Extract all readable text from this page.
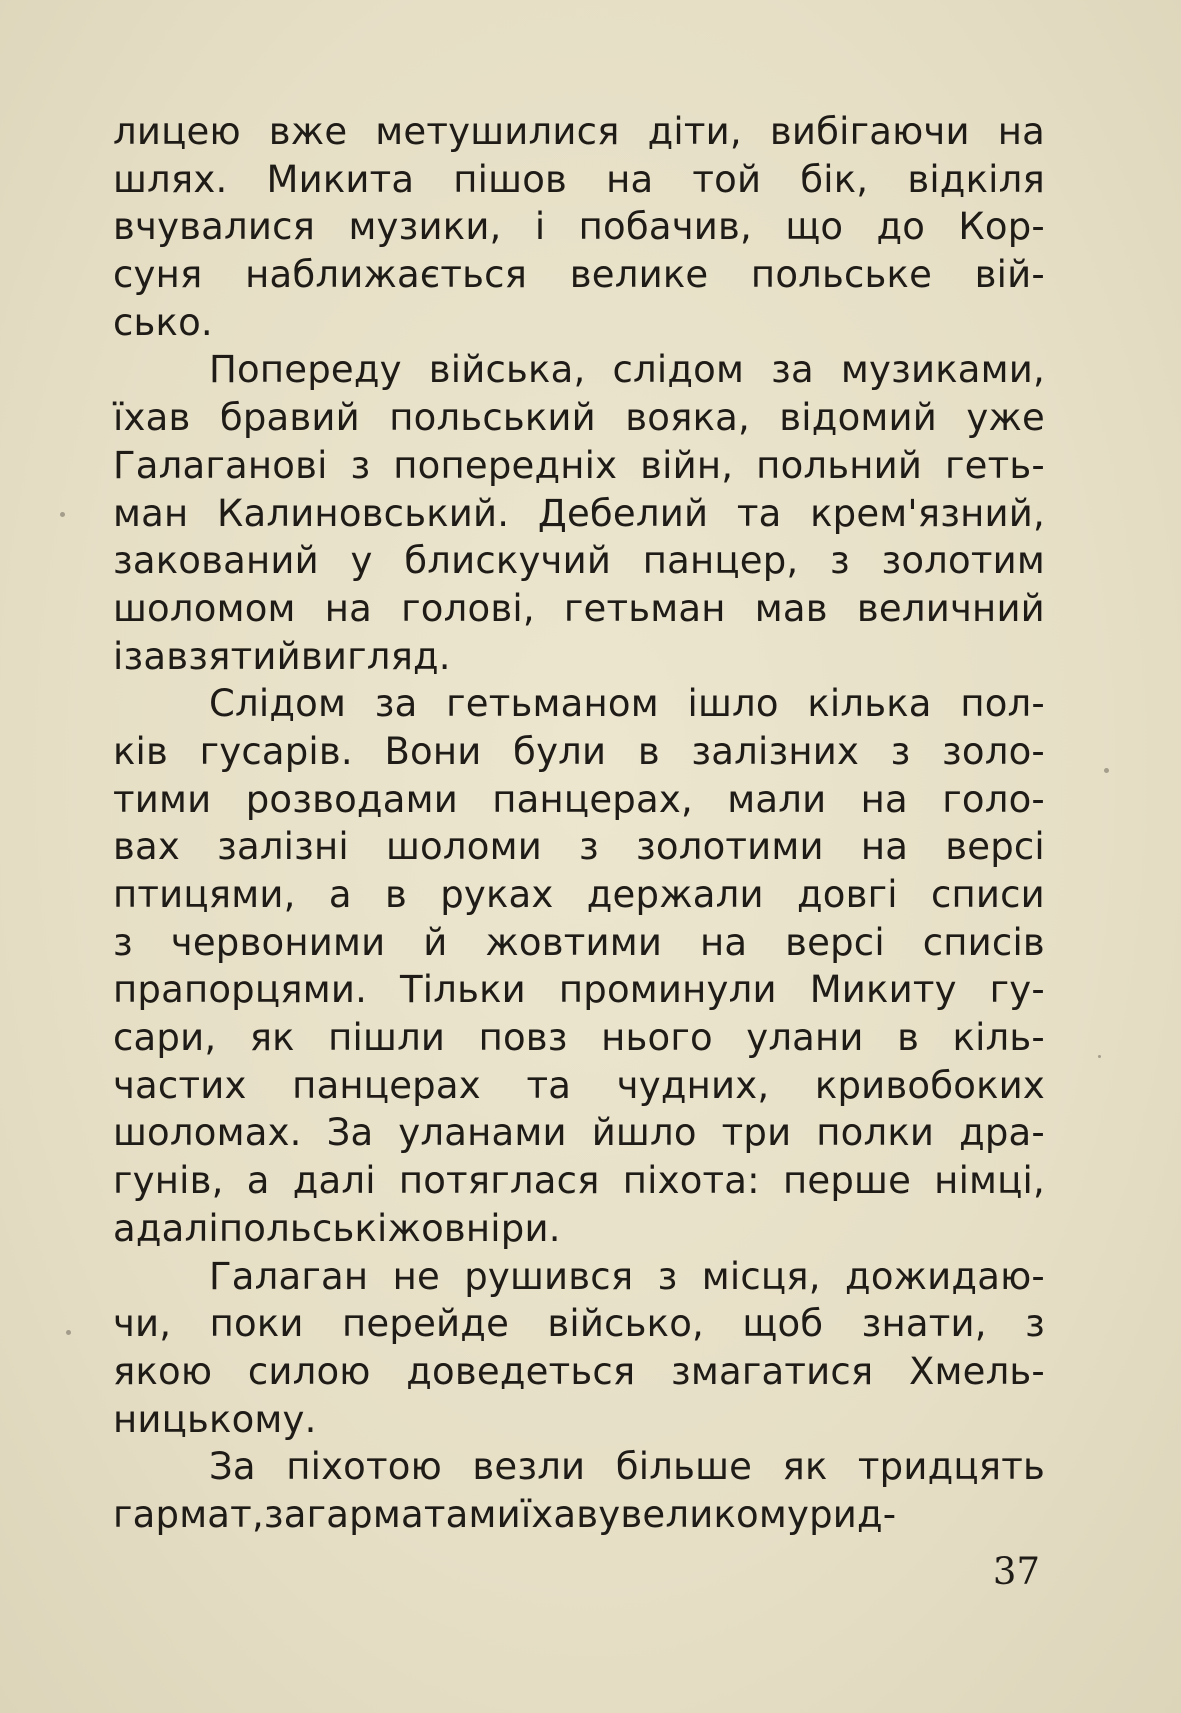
лицею вже метушилися діти, вибігаючи на
шлях. Микита пішов на той бік, відкіля
вчувалися музики, і побачив, що до Кор-
суня наближається велике польське вій-
сько.
Попереду війська, слідом за музиками,
їхав бравий польський вояка, відомий уже
Галаганові з попередніх війн, польний геть-
ман Калиновський. Дебелий та крем'язний,
закований у блискучий панцер, з золотим
шоломом на голові, гетьман мав величний
і завзятий вигляд.
Слідом за гетьманом ішло кілька пол-
ків гусарів. Вони були в залізних з золо-
тими розводами панцерах, мали на голо-
вах залізні шоломи з золотими на версі
птицями, а в руках держали довгі списи
з червоними й жовтими на версі списів
прапорцями. Тільки проминули Микиту гу-
сари, як пішли повз нього улани в кіль-
частих панцерах та чудних, кривобоких
шоломах. За уланами йшло три полки дра-
гунів, а далі потяглася піхота: перше німці,
а далі польські жовніри.
Галаган не рушився з місця, дожидаю-
чи, поки перейде військо, щоб знати, з
якою силою доведеться змагатися Хмель-
ницькому.
За піхотою везли більше як тридцять
гармат, за гарматами їхав у великому рид-
37
